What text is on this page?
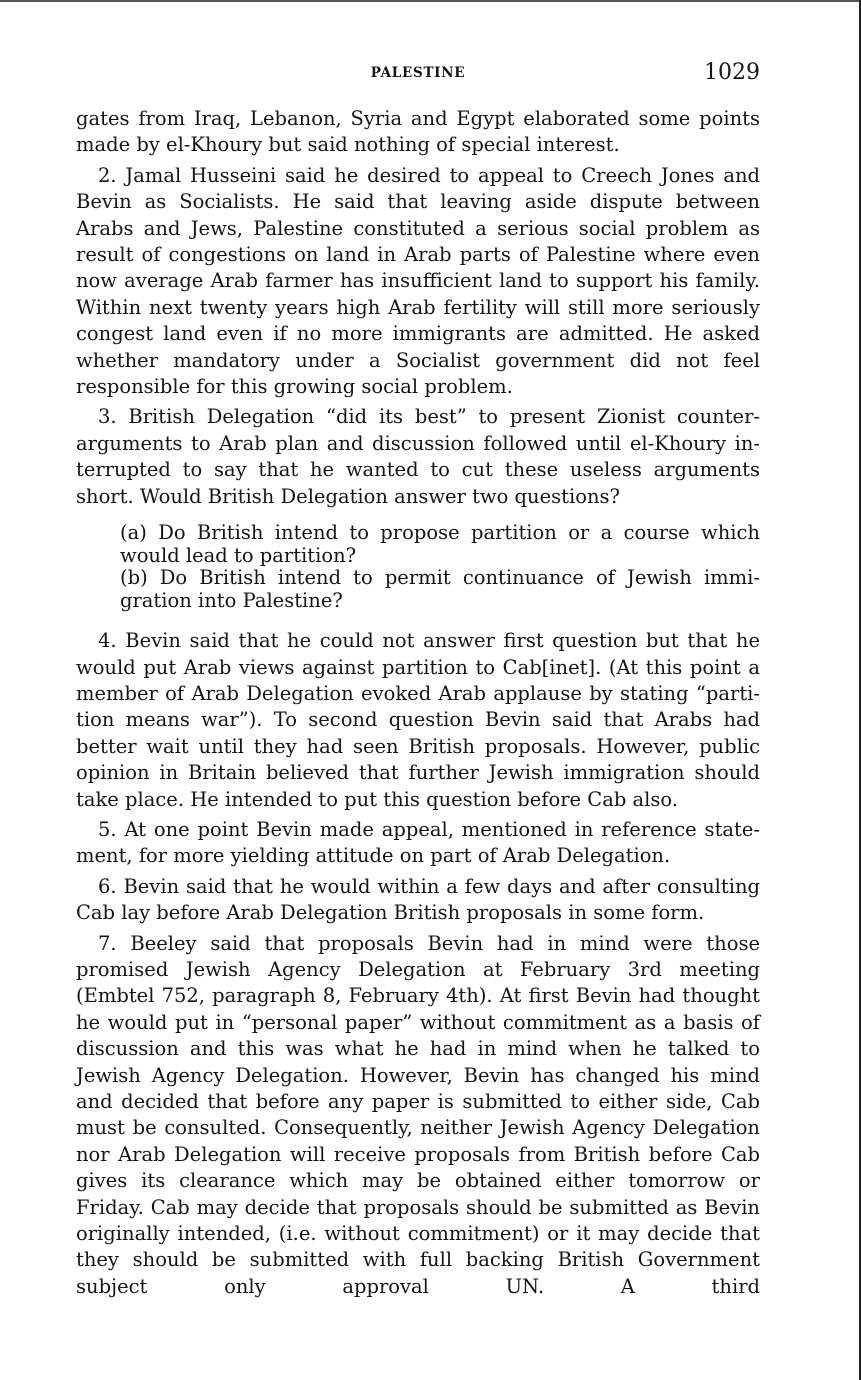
PALESTINE	1029

gates from Iraq, Lebanon, Syria and Egypt elaborated some points made by el-Khoury but said nothing of special interest.

2. Jamal Husseini said he desired to appeal to Creech Jones and Bevin as Socialists. He said that leaving aside dispute between Arabs and Jews, Palestine constituted a serious social problem as result of congestions on land in Arab parts of Palestine where even now average Arab farmer has insufficient land to support his family. Within next twenty years high Arab fertility will still more seriously congest land even if no more immigrants are admitted. He asked whether mandatory under a Socialist government did not feel responsible for this growing social problem.

3. British Delegation “did its best” to present Zionist counterarguments to Arab plan and discussion followed until el-Khoury interrupted to say that he wanted to cut these useless arguments short. Would British Delegation answer two questions?

(a) Do British intend to propose partition or a course which would lead to partition?

(b) Do British intend to permit continuance of Jewish immigration into Palestine?

4. Bevin said that he could not answer first question but that he would put Arab views against partition to Cab[inet]. (At this point a member of Arab Delegation evoked Arab applause by stating “partition means war”). To second question Bevin said that Arabs had better wait until they had seen British proposals. However, public opinion in Britain believed that further Jewish immigration should take place. He intended to put this question before Cab also.

5. At one point Bevin made appeal, mentioned in reference statement, for more yielding attitude on part of Arab Delegation.

6. Bevin said that he would within a few days and after consulting Cab lay before Arab Delegation British proposals in some form.

7. Beeley said that proposals Bevin had in mind were those promised Jewish Agency Delegation at February 3rd meeting (Embtel 752, paragraph 8, February 4th). At first Bevin had thought he would put in “personal paper” without commitment as a basis of discussion and this was what he had in mind when he talked to Jewish Agency Delegation. However, Bevin has changed his mind and decided that before any paper is submitted to either side, Cab must be consulted. Consequently, neither Jewish Agency Delegation nor Arab Delegation will receive proposals from British before Cab gives its clearance which may be obtained either tomorrow or Friday. Cab may decide that proposals should be submitted as Bevin originally intended, (i.e. without commitment) or it may decide that they should be submitted with full backing British Government subject only approval UN. A third
